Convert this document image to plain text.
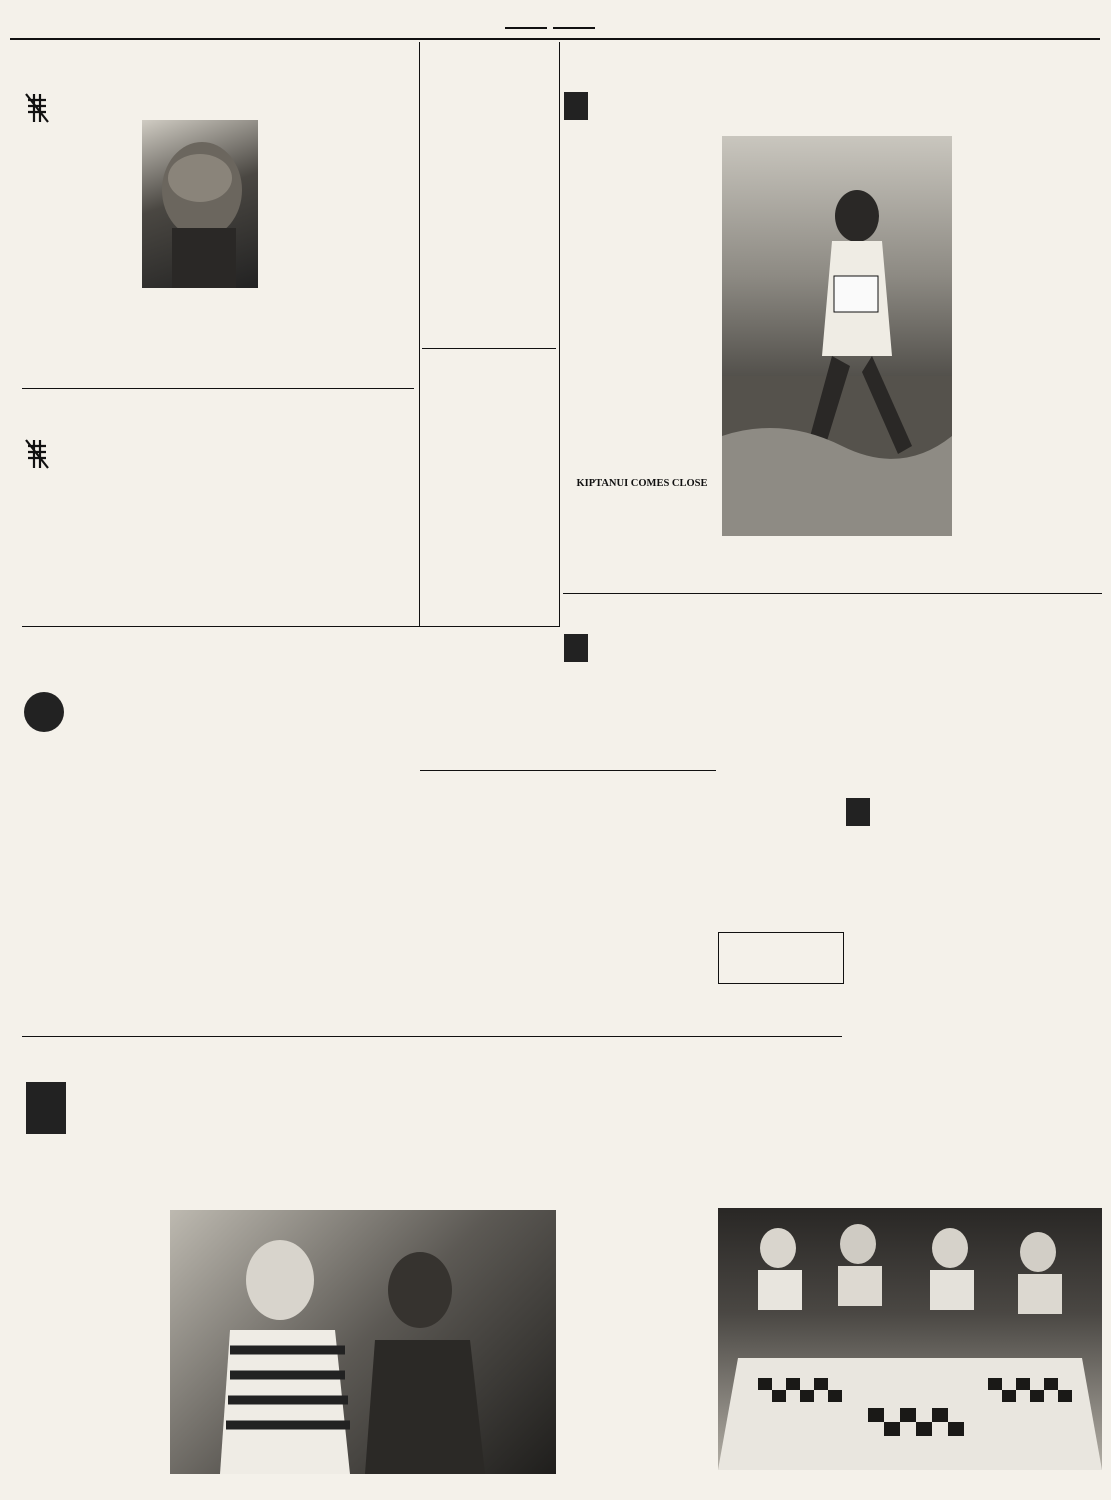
KIPTANUI COMES CLOSE
